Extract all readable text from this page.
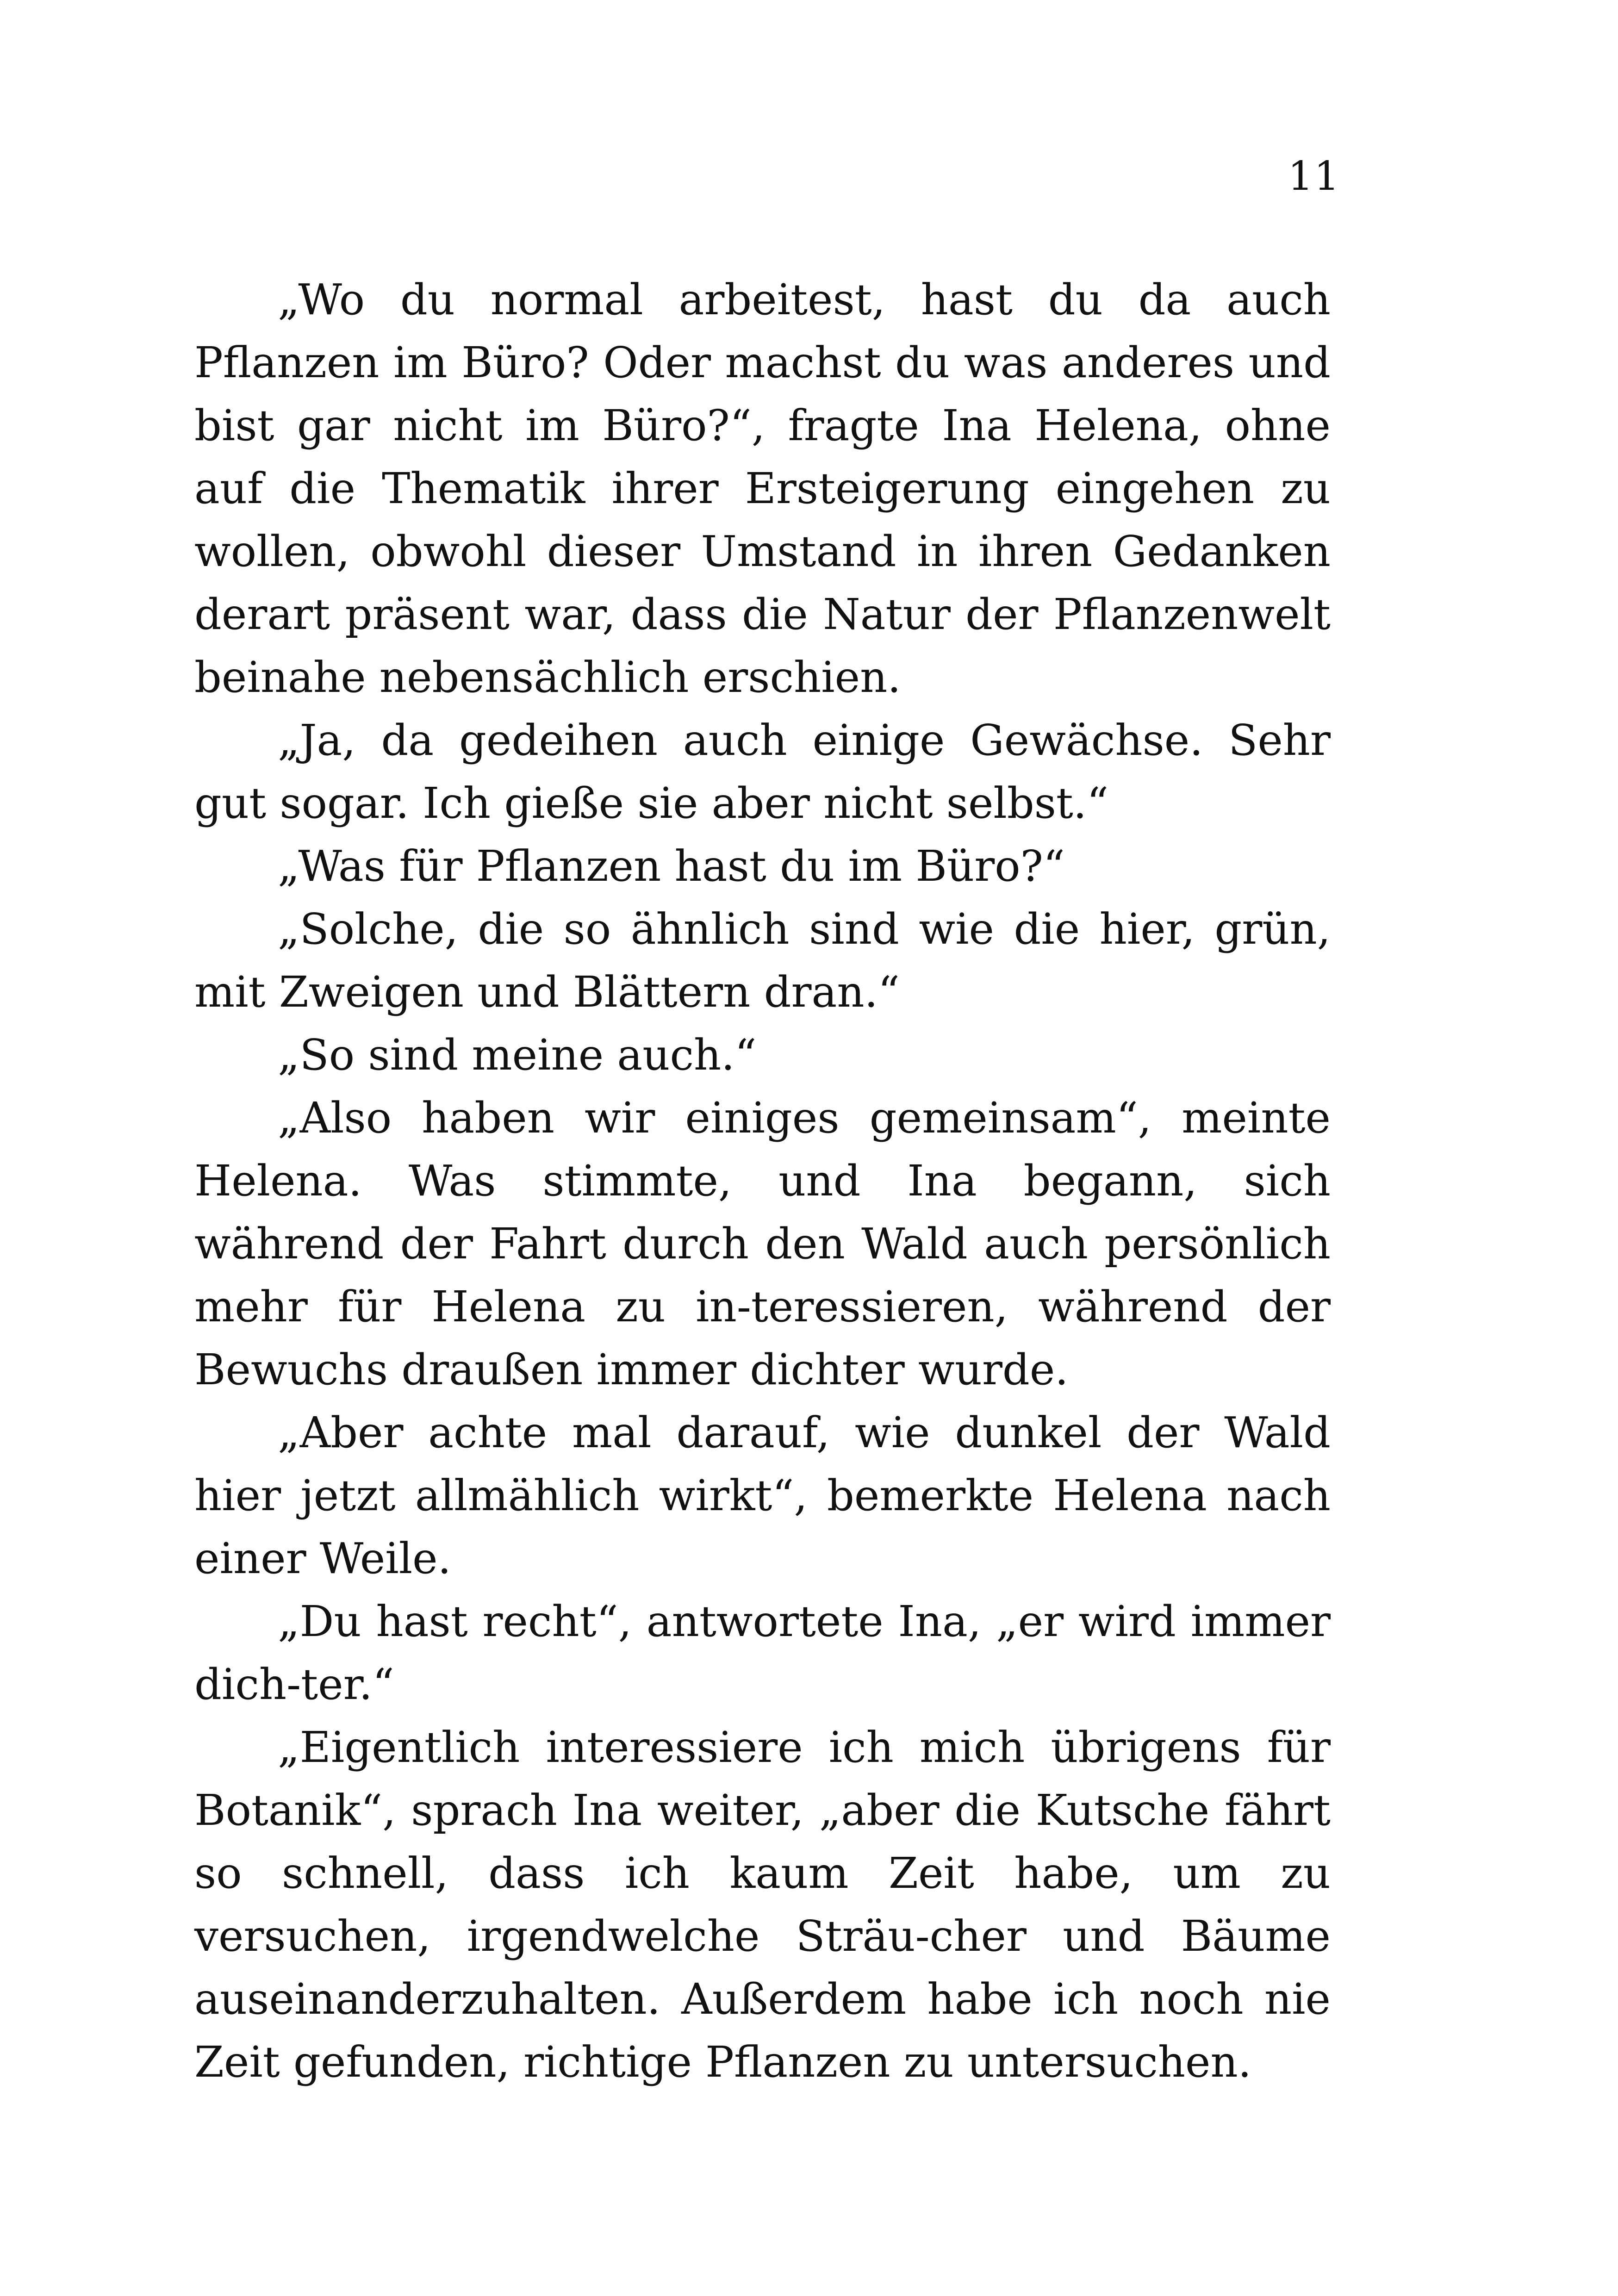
11

„Wo du normal arbeitest, hast du da auch Pflanzen im Büro? Oder machst du was anderes und bist gar nicht im Büro?“, fragte Ina Helena, ohne auf die Thematik ihrer Ersteigerung eingehen zu wollen, obwohl dieser Umstand in ihren Gedanken derart präsent war, dass die Natur der Pflanzenwelt beinahe nebensächlich erschien.

„Ja, da gedeihen auch einige Gewächse. Sehr gut sogar. Ich gieße sie aber nicht selbst.“

„Was für Pflanzen hast du im Büro?“

„Solche, die so ähnlich sind wie die hier, grün, mit Zweigen und Blättern dran.“

„So sind meine auch.“

„Also haben wir einiges gemeinsam“, meinte Helena. Was stimmte, und Ina begann, sich während der Fahrt durch den Wald auch persönlich mehr für Helena zu in-teressieren, während der Bewuchs draußen immer dichter wurde.

„Aber achte mal darauf, wie dunkel der Wald hier jetzt allmählich wirkt“, bemerkte Helena nach einer Weile.

„Du hast recht“, antwortete Ina, „er wird immer dich-ter.“

„Eigentlich interessiere ich mich übrigens für Botanik“, sprach Ina weiter, „aber die Kutsche fährt so schnell, dass ich kaum Zeit habe, um zu versuchen, irgendwelche Sträu-cher und Bäume auseinanderzuhalten. Außerdem habe ich noch nie Zeit gefunden, richtige Pflanzen zu untersuchen.
